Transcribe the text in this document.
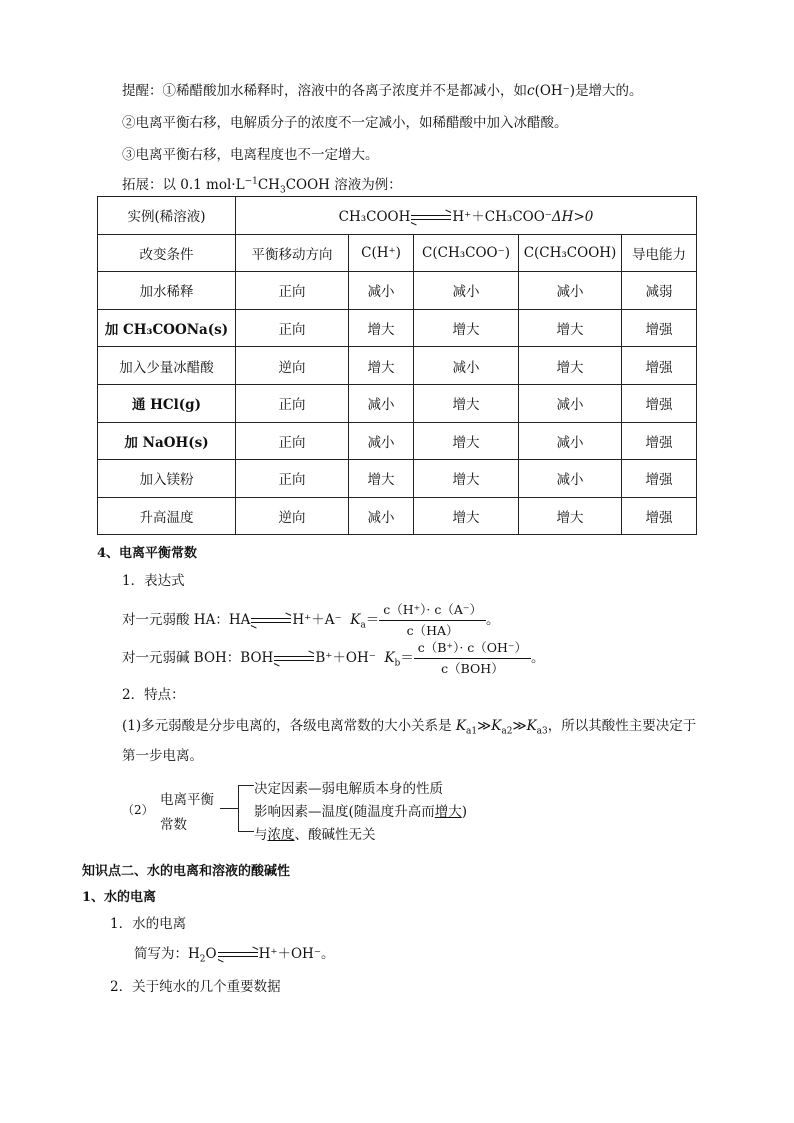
提醒：①稀醋酸加水稀释时，溶液中的各离子浓度并不是都减小，如c(OH⁻)是增大的。
②电离平衡右移，电解质分子的浓度不一定减小，如稀醋酸中加入冰醋酸。
③电离平衡右移，电离程度也不一定增大。
拓展：以 0.1 $mol\cdot L^{-1}CH_3COOH$ 溶液为例：
实例(稀溶液)	CH₃COOH H⁺＋CH₃COO⁻ΔH>0				
改变条件	平衡移动方向	C(H⁺)	C(CH₃COO⁻)	C(CH₃COOH)	导电能力
加水稀释	正向	减小	减小	减小	减弱
加 CH₃COONa(s)	正向	增大	增大	增大	增强
加入少量冰醋酸	逆向	增大	减小	增大	增强
通 HCl(g)	正向	减小	增大	减小	增强
加 NaOH(s)	正向	减小	增大	减小	增强
加入镁粉	正向	增大	增大	减小	增强
升高温度	逆向	减小	增大	增大	增强
4、电离平衡常数
1．表达式
对一元弱酸 HA：HA	H⁺＋A⁻ $K_a= \frac{c(H^+)\cdot c(A^-)}{c(HA)}$ 。
对一元弱碱 BOH：BOH	B⁺＋OH⁻ $K_b= \frac{c(B^+)\cdot c(OH^-)}{\text{c（BOH）}}$ 。
2．特点：
(1)多元弱酸是分步电离的，各级电离常数的大小关系是 $K_{a1}≫K_{a2}≫K_{a3}$，所以其酸性主要决定于
第一步电离。
（2）
电离平衡
常数
决定因素—弱电解质本身的性质
影响因素—温度(随温度升高而增大)
与浓度、酸碱性无关
知识点二、水的电离和溶液的酸碱性
1、水的电离
1．水的电离
简写为：$H_2O$	H⁺＋OH⁻。
2．关于纯水的几个重要数据
